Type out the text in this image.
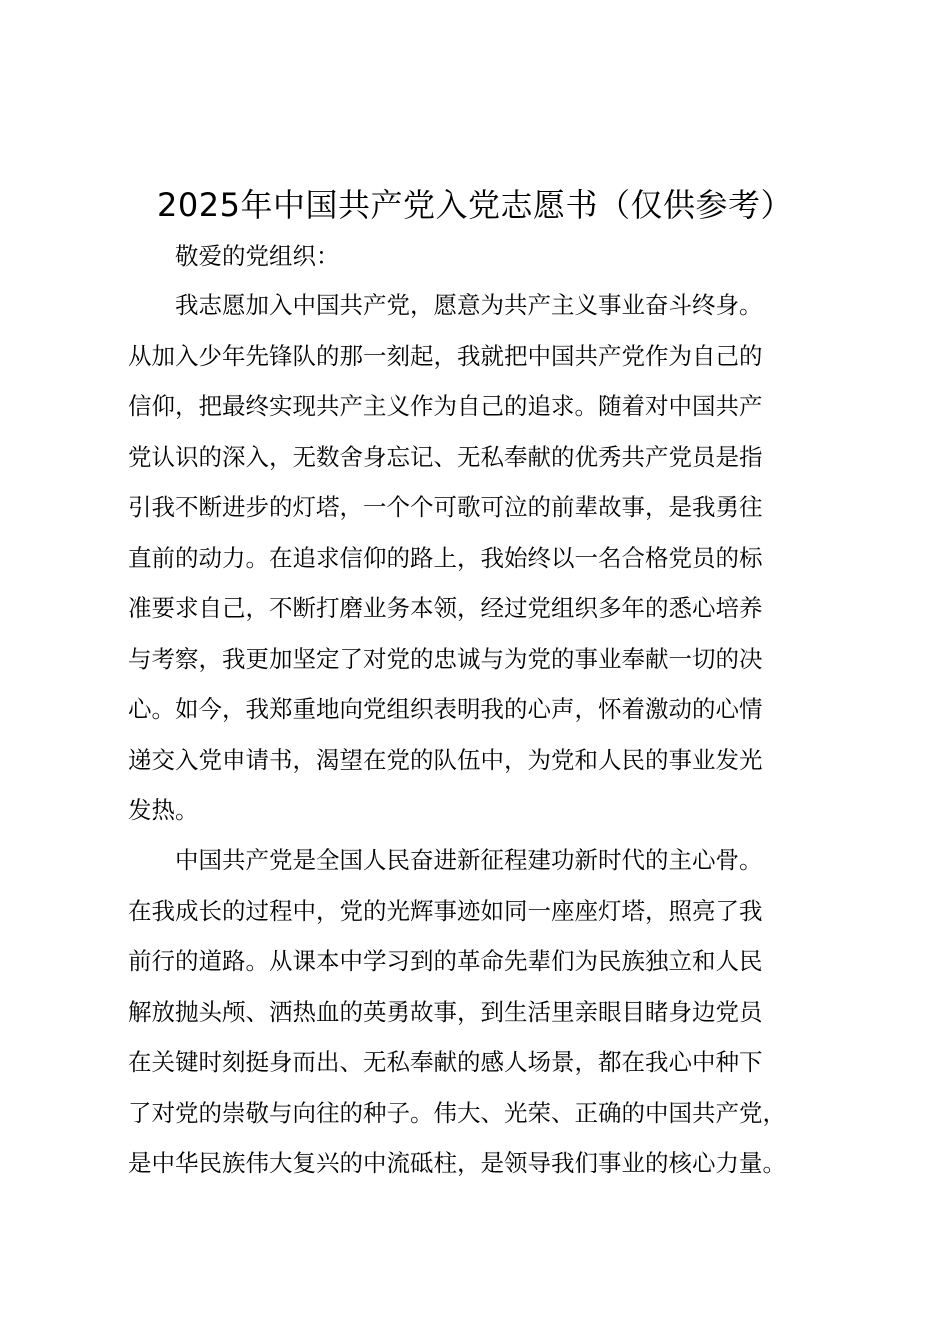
2025年中国共产党入党志愿书（仅供参考）
敬爱的党组织：
我志愿加入中国共产党，愿意为共产主义事业奋斗终身。
从加入少年先锋队的那一刻起，我就把中国共产党作为自己的
信仰，把最终实现共产主义作为自己的追求。随着对中国共产
党认识的深入，无数舍身忘记、无私奉献的优秀共产党员是指
引我不断进步的灯塔，一个个可歌可泣的前辈故事，是我勇往
直前的动力。在追求信仰的路上，我始终以一名合格党员的标
准要求自己，不断打磨业务本领，经过党组织多年的悉心培养
与考察，我更加坚定了对党的忠诚与为党的事业奉献一切的决
心。如今，我郑重地向党组织表明我的心声，怀着激动的心情
递交入党申请书，渴望在党的队伍中，为党和人民的事业发光
发热。
中国共产党是全国人民奋进新征程建功新时代的主心骨。
在我成长的过程中，党的光辉事迹如同一座座灯塔，照亮了我
前行的道路。从课本中学习到的革命先辈们为民族独立和人民
解放抛头颅、洒热血的英勇故事，到生活里亲眼目睹身边党员
在关键时刻挺身而出、无私奉献的感人场景，都在我心中种下
了对党的崇敬与向往的种子。伟大、光荣、正确的中国共产党，
是中华民族伟大复兴的中流砥柱，是领导我们事业的核心力量。
